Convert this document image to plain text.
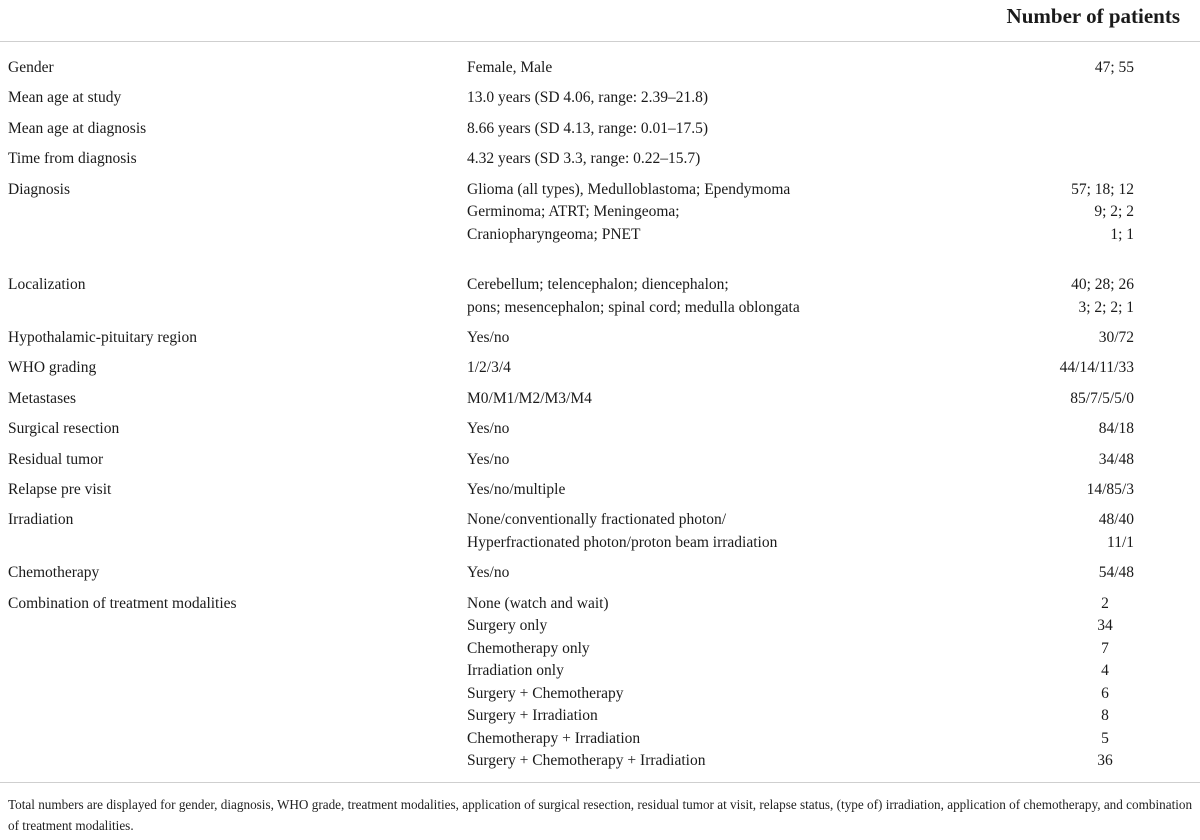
Number of patients
Gender	Female, Male	47; 55
Mean age at study	13.0 years (SD 4.06, range: 2.39–21.8)
Mean age at diagnosis	8.66 years (SD 4.13, range: 0.01–17.5)
Time from diagnosis	4.32 years (SD 3.3, range: 0.22–15.7)
Diagnosis	Glioma (all types), Medulloblastoma; Ependymoma	57; 18; 12
Germinoma; ATRT; Meningeoma;	9; 2; 2
Craniopharyngeoma; PNET	1; 1
Localization	Cerebellum; telencephalon; diencephalon;	40; 28; 26
pons; mesencephalon; spinal cord; medulla oblongata	3; 2; 2; 1
Hypothalamic-pituitary region	Yes/no	30/72
WHO grading	1/2/3/4	44/14/11/33
Metastases	M0/M1/M2/M3/M4	85/7/5/5/0
Surgical resection	Yes/no	84/18
Residual tumor	Yes/no	34/48
Relapse pre visit	Yes/no/multiple	14/85/3
Irradiation	None/conventionally fractionated photon/	48/40
Hyperfractionated photon/proton beam irradiation	11/1
Chemotherapy	Yes/no	54/48
Combination of treatment modalities	None (watch and wait)	2
Surgery only	34
Chemotherapy only	7
Irradiation only	4
Surgery + Chemotherapy	6
Surgery + Irradiation	8
Chemotherapy + Irradiation	5
Surgery + Chemotherapy + Irradiation	36
Total numbers are displayed for gender, diagnosis, WHO grade, treatment modalities, application of surgical resection, residual tumor at visit, relapse status, (type of) irradiation, application of chemotherapy, and combination of treatment modalities.
